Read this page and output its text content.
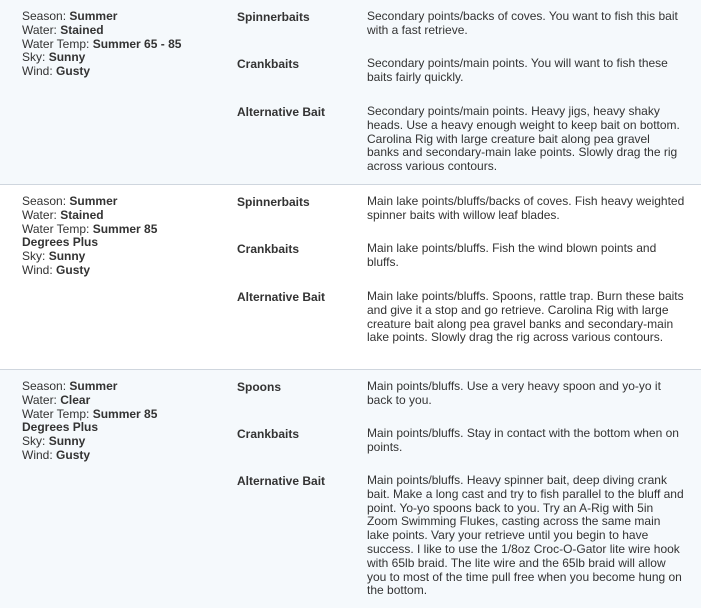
Season: Summer
Water: Stained
Water Temp: Summer 65 - 85
Sky: Sunny
Wind: Gusty
Spinnerbaits	Secondary points/backs of coves. You want to fish this bait with a fast retrieve.
Crankbaits	Secondary points/main points. You will want to fish these baits fairly quickly.
Alternative Bait	Secondary points/main points. Heavy jigs, heavy shaky heads. Use a heavy enough weight to keep bait on bottom. Carolina Rig with large creature bait along pea gravel banks and secondary-main lake points. Slowly drag the rig across various contours.
Season: Summer
Water: Stained
Water Temp: Summer 85 Degrees Plus
Sky: Sunny
Wind: Gusty
Spinnerbaits	Main lake points/bluffs/backs of coves. Fish heavy weighted spinner baits with willow leaf blades.
Crankbaits	Main lake points/bluffs. Fish the wind blown points and bluffs.
Alternative Bait	Main lake points/bluffs. Spoons, rattle trap. Burn these baits and give it a stop and go retrieve. Carolina Rig with large creature bait along pea gravel banks and secondary-main lake points. Slowly drag the rig across various contours.
Season: Summer
Water: Clear
Water Temp: Summer 85 Degrees Plus
Sky: Sunny
Wind: Gusty
Spoons	Main points/bluffs. Use a very heavy spoon and yo-yo it back to you.
Crankbaits	Main points/bluffs. Stay in contact with the bottom when on points.
Alternative Bait	Main points/bluffs. Heavy spinner bait, deep diving crank bait. Make a long cast and try to fish parallel to the bluff and point. Yo-yo spoons back to you. Try an A-Rig with 5in Zoom Swimming Flukes, casting across the same main lake points. Vary your retrieve until you begin to have success. I like to use the 1/8oz Croc-O-Gator lite wire hook with 65lb braid. The lite wire and the 65lb braid will allow you to most of the time pull free when you become hung on the bottom.
